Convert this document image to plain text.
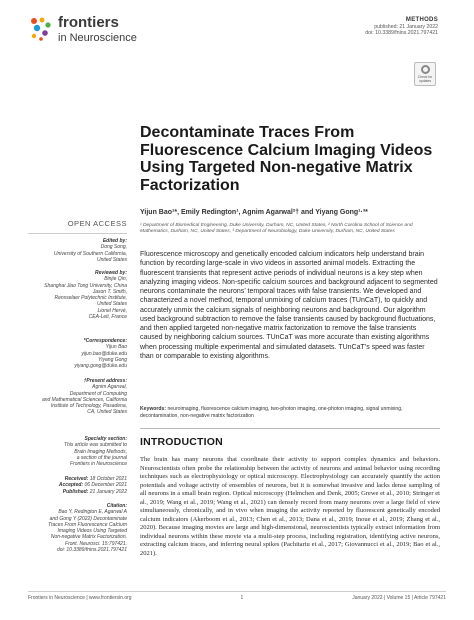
frontiers
in Neuroscience
METHODS
published: 21 January 2022
doi: 10.3389/fnins.2021.797421
Check for updates
Decontaminate Traces From Fluorescence Calcium Imaging Videos Using Targeted Non-negative Matrix Factorization
Yijun Bao¹*, Emily Redington¹, Agnim Agarwal²† and Yiyang Gong¹·³*
¹ Department of Biomedical Engineering, Duke University, Durham, NC, United States, ² North Carolina School of Science and Mathematics, Durham, NC, United States, ³ Department of Neurobiology, Duke University, Durham, NC, United States
Fluorescence microscopy and genetically encoded calcium indicators help understand brain function by recording large-scale in vivo videos in assorted animal models. Extracting the fluorescent transients that represent active periods of individual neurons is a key step when analyzing imaging videos. Non-specific calcium sources and background adjacent to segmented neurons contaminate the neurons’ temporal traces with false transients. We developed and characterized a novel method, temporal unmixing of calcium traces (TUnCaT), to quickly and accurately unmix the calcium signals of neighboring neurons and background. Our algorithm used background subtraction to remove the false transients caused by background fluctuations, and then applied targeted non-negative matrix factorization to remove the false transients caused by neighboring calcium sources. TUnCaT was more accurate than existing algorithms when processing multiple experimental and simulated datasets. TUnCaT’s speed was faster than or comparable to existing algorithms.
Keywords: neuroimaging, fluorescence calcium imaging, two-photon imaging, one-photon imaging, signal unmixing, decontamination, non-negative matrix factorization
INTRODUCTION
The brain has many neurons that coordinate their activity to support complex dynamics and behaviors. Neuroscientists often probe the relationship between the activity of neurons and animal behavior using recording techniques such as electrophysiology or optical microscopy. Electrophysiology can accurately quantify the action potentials and voltage activity of ensembles of neurons, but it is somewhat invasive and lacks dense sampling of all neurons in a small brain region. Optical microscopy (Helmchen and Denk, 2005; Grewe et al., 2010; Stringer et al., 2019; Wang et al., 2019; Wang et al., 2021) can densely record from many neurons over a large field of view simultaneously, chronically, and in vivo when imaging the activity reported by fluorescent genetically encoded calcium indicators (Akerboom et al., 2013; Chen et al., 2013; Dana et al., 2019; Inoue et al., 2019; Zhang et al., 2020). Because imaging movies are large and high-dimensional, neuroscientists typically extract information from individual neurons within these movie via a multi-step process, including registration, identifying active neurons, extracting calcium traces, and inferring neural spikes (Pachitariu et al., 2017; Giovannucci et al., 2019; Bao et al., 2021).
OPEN ACCESS
Edited by:
Dong Song,
University of Southern California,
United States
Reviewed by:
Binjie Qin,
Shanghai Jiao Tong University, China
Jason T. Smith,
Rensselaer Polytechnic Institute,
United States
Lionel Hervé,
CEA-Leti, France
*Correspondence:
Yijun Bao
yijun.bao@duke.edu
Yiyang Gong
yiyang.gong@duke.edu
†Present address:
Agnim Agarwal,
Department of Computing
and Mathematical Sciences, California
Institute of Technology, Pasadena,
CA, United States
Specialty section:
This article was submitted to
Brain Imaging Methods,
a section of the journal
Frontiers in Neuroscience
Received: 18 October 2021
Accepted: 06 December 2021
Published: 21 January 2022
Citation:
Bao Y, Redington E, Agarwal A
and Gong Y (2022) Decontaminate
Traces From Fluorescence Calcium
Imaging Videos Using Targeted
Non-negative Matrix Factorization.
Front. Neurosci. 15:797421.
doi: 10.3389/fnins.2021.797421
Frontiers in Neuroscience | www.frontiersin.org	1	January 2022 | Volume 15 | Article 797421
